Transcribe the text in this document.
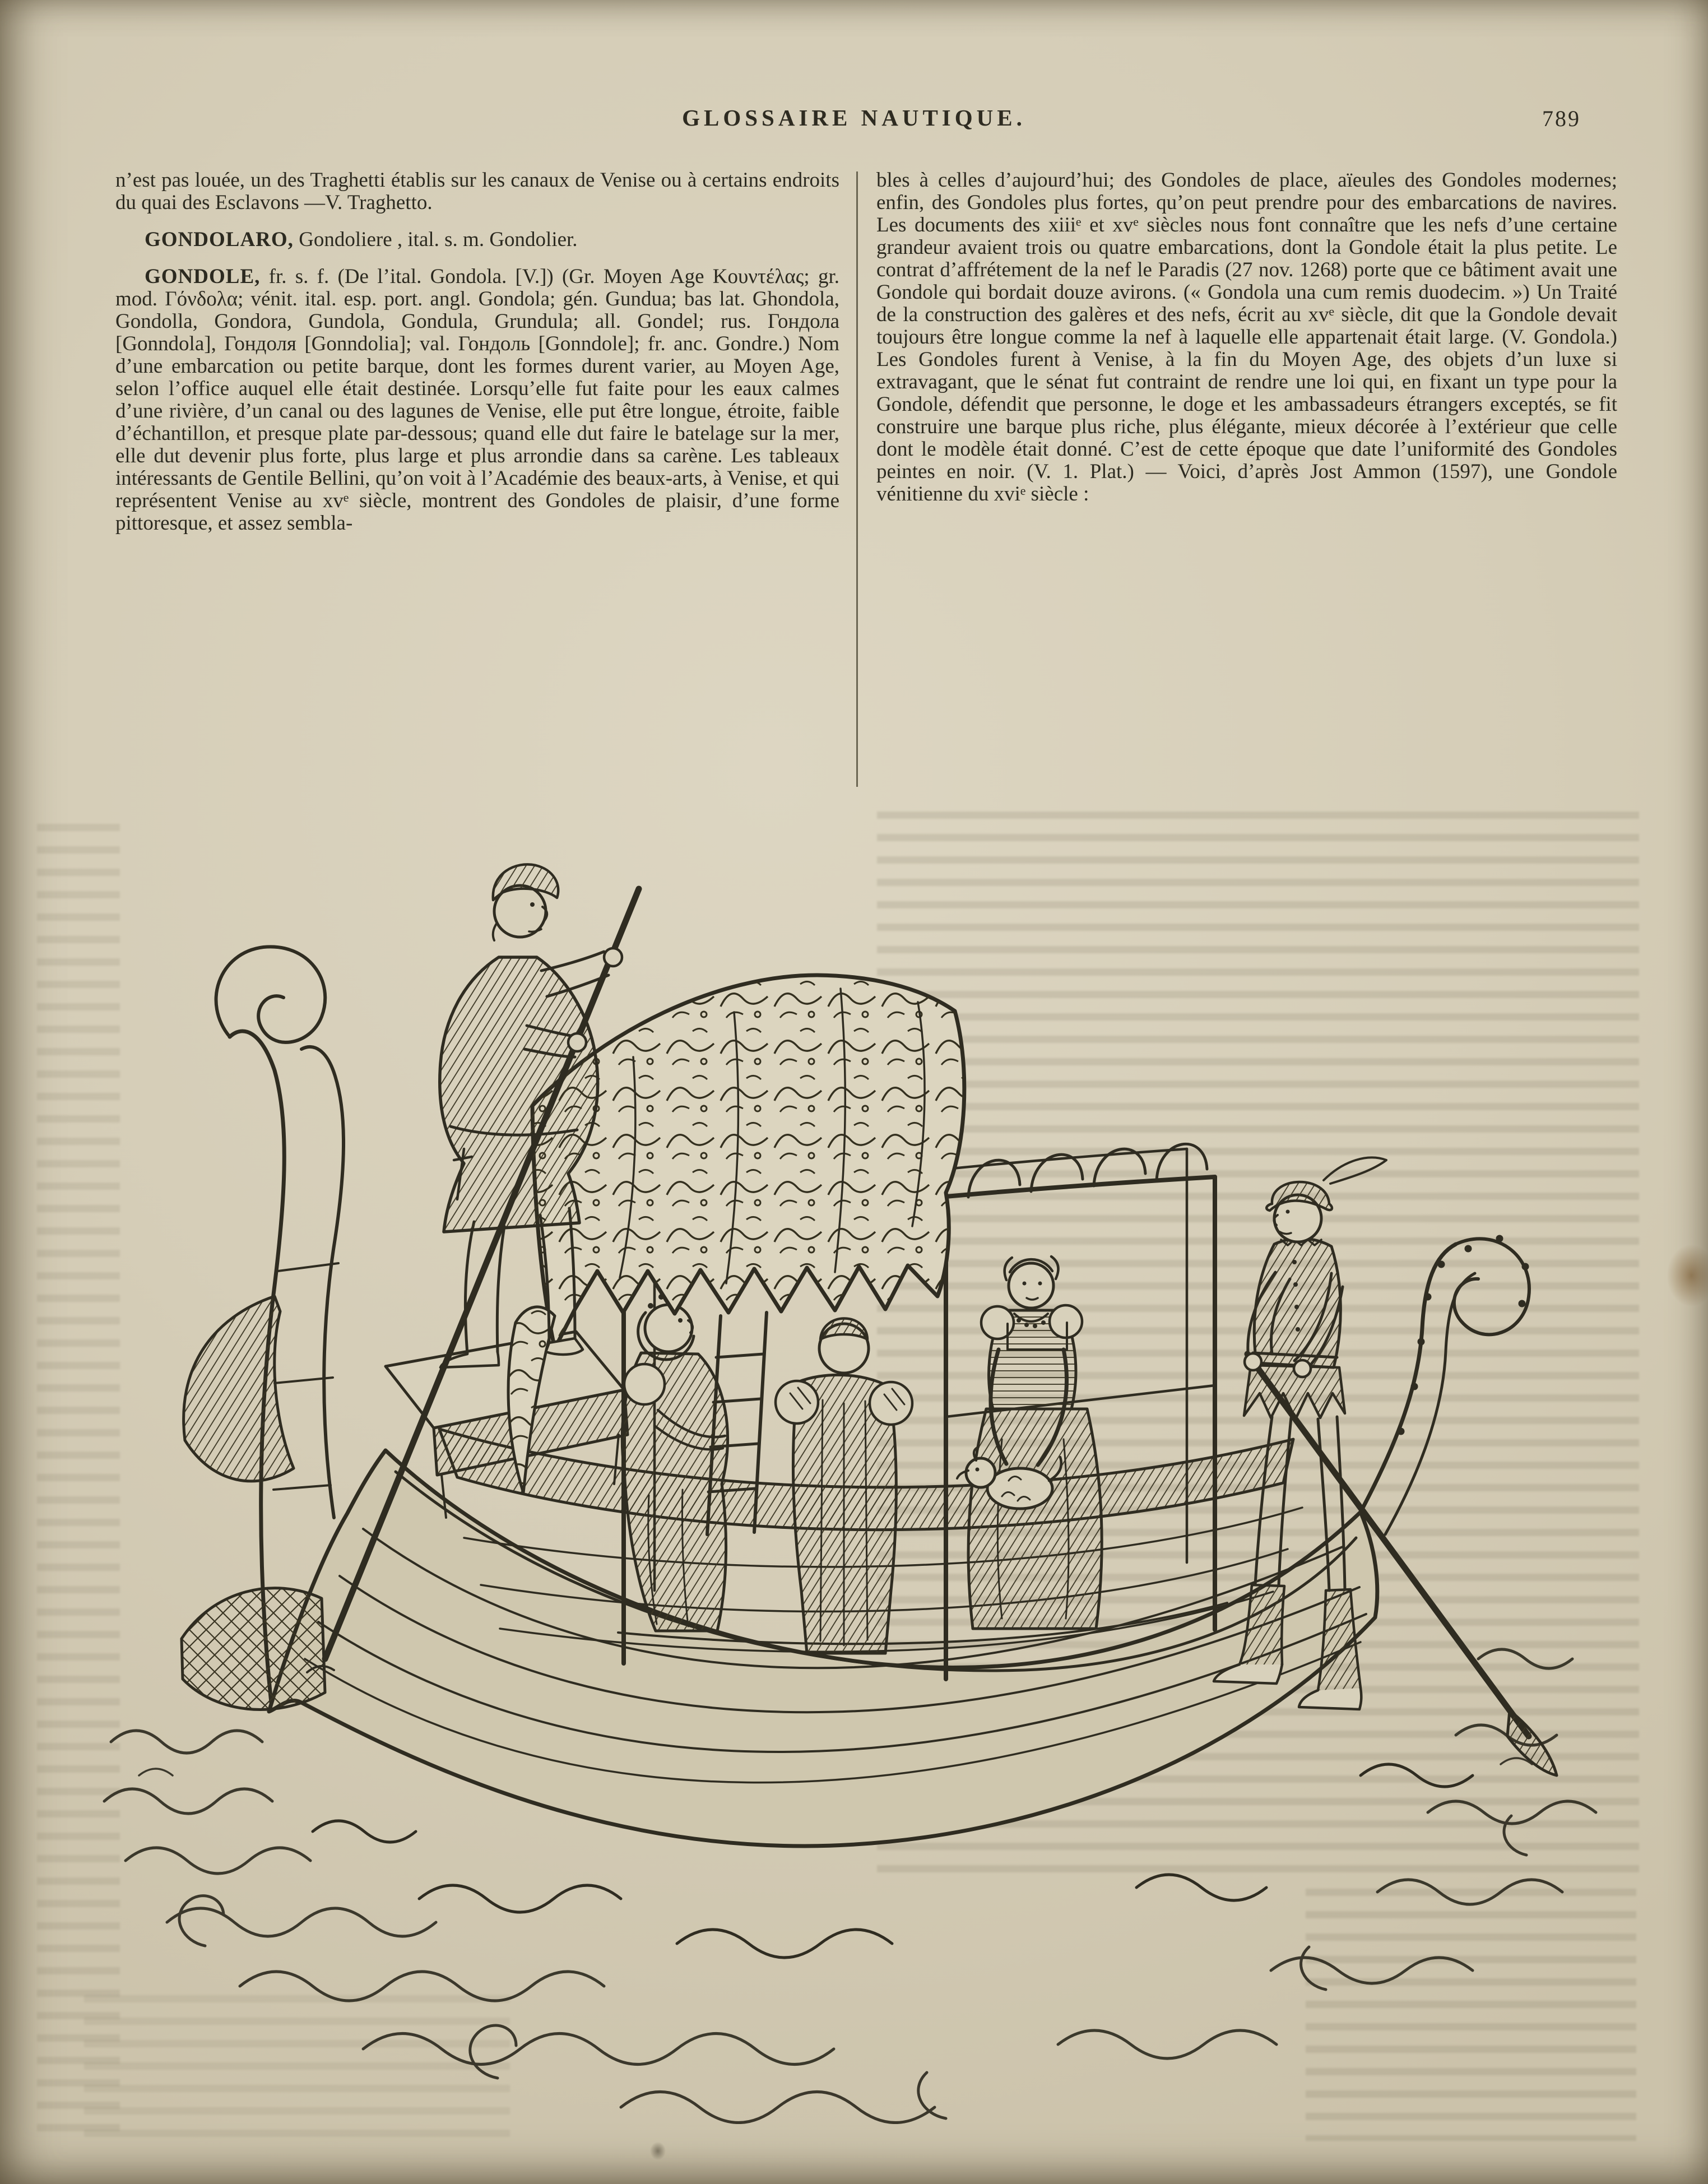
GLOSSAIRE NAUTIQUE.	789

n’est pas louée, un des Traghetti établis sur les canaux de Venise ou à certains endroits du quai des Esclavons —V. Traghetto.

GONDOLARO, Gondoliere , ital. s. m. Gondolier.

GONDOLE, fr. s. f. (De l’ital. Gondola. [V.]) (Gr. Moyen Age Κουντέλας; gr. mod. Γόνδολα; vénit. ital. esp. port. angl. Gondola; gén. Gundua; bas lat. Ghondola, Gondolla, Gondora, Gundola, Gondula, Grundula; all. Gondel; rus. Гондола [Gonndola], Гондоля [Gonndolia]; val. Гондоль [Gonndole]; fr. anc. Gondre.) Nom d’une embarcation ou petite barque, dont les formes durent varier, au Moyen Age, selon l’office auquel elle était destinée. Lorsqu’elle fut faite pour les eaux calmes d’une rivière, d’un canal ou des lagunes de Venise, elle put être longue, étroite, faible d’échantillon, et presque plate par-dessous; quand elle dut faire le batelage sur la mer, elle dut devenir plus forte, plus large et plus arrondie dans sa carène. Les tableaux intéressants de Gentile Bellini, qu’on voit à l’Académie des beaux-arts, à Venise, et qui représentent Venise au xvᵉ siècle, montrent des Gondoles de plaisir, d’une forme pittoresque, et assez sembla-

bles à celles d’aujourd’hui; des Gondoles de place, aïeules des Gondoles modernes; enfin, des Gondoles plus fortes, qu’on peut prendre pour des embarcations de navires. Les documents des xiiiᵉ et xvᵉ siècles nous font connaître que les nefs d’une certaine grandeur avaient trois ou quatre embarcations, dont la Gondole était la plus petite. Le contrat d’affrétement de la nef le Paradis (27 nov. 1268) porte que ce bâtiment avait une Gondole qui bordait douze avirons. (« Gondola una cum remis duodecim. ») Un Traité de la construction des galères et des nefs, écrit au xvᵉ siècle, dit que la Gondole devait toujours être longue comme la nef à laquelle elle appartenait était large. (V. Gondola.) Les Gondoles furent à Venise, à la fin du Moyen Age, des objets d’un luxe si extravagant, que le sénat fut contraint de rendre une loi qui, en fixant un type pour la Gondole, défendit que personne, le doge et les ambassadeurs étrangers exceptés, se fit construire une barque plus riche, plus élégante, mieux décorée à l’extérieur que celle dont le modèle était donné. C’est de cette époque que date l’uniformité des Gondoles peintes en noir. (V. 1. Plat.) — Voici, d’après Jost Ammon (1597), une Gondole vénitienne du xviᵉ siècle :
